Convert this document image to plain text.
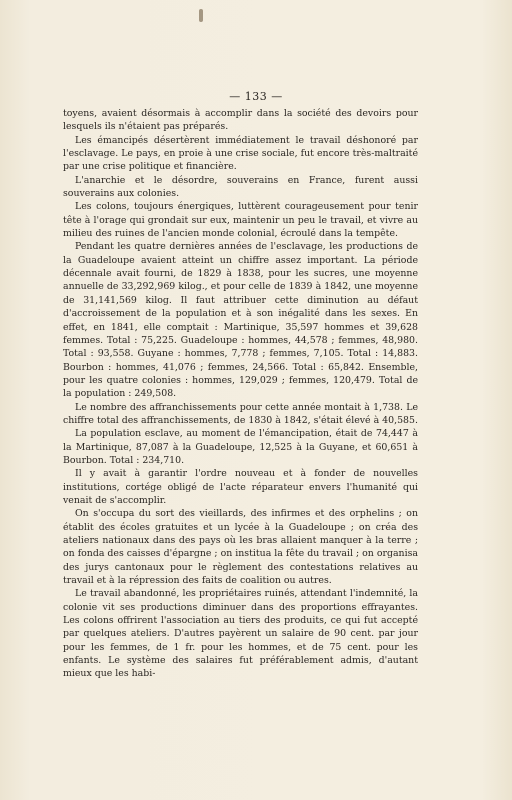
— 133 —

toyens, avaient désormais à accomplir dans la société des devoirs pour lesquels ils n'étaient pas préparés.

Les émancipés désertèrent immédiatement le travail déshonoré par l'esclavage. Le pays, en proie à une crise sociale, fut encore très-maltraité par une crise politique et financière.

L'anarchie et le désordre, souverains en France, furent aussi souverains aux colonies.

Les colons, toujours énergiques, luttèrent courageusement pour tenir tête à l'orage qui grondait sur eux, maintenir un peu le travail, et vivre au milieu des ruines de l'ancien monde colonial, écroulé dans la tempête.

Pendant les quatre dernières années de l'esclavage, les productions de la Guadeloupe avaient atteint un chiffre assez important. La période décennale avait fourni, de 1829 à 1838, pour les sucres, une moyenne annuelle de 33,292,969 kilog., et pour celle de 1839 à 1842, une moyenne de 31,141,569 kilog. Il faut attribuer cette diminution au défaut d'accroissement de la population et à son inégalité dans les sexes. En effet, en 1841, elle comptait : Martinique, 35,597 hommes et 39,628 femmes. Total : 75,225. Guadeloupe : hommes, 44,578 ; femmes, 48,980. Total : 93,558. Guyane : hommes, 7,778 ; femmes, 7,105. Total : 14,883. Bourbon : hommes, 41,076 ; femmes, 24,566. Total : 65,842. Ensemble, pour les quatre colonies : hommes, 129,029 ; femmes, 120,479. Total de la population : 249,508.

Le nombre des affranchissements pour cette année montait à 1,738. Le chiffre total des affranchissements, de 1830 à 1842, s'était élevé à 40,585.

La population esclave, au moment de l'émancipation, était de 74,447 à la Martinique, 87,087 à la Guadeloupe, 12,525 à la Guyane, et 60,651 à Bourbon. Total : 234,710.

Il y avait à garantir l'ordre nouveau et à fonder de nouvelles institutions, cortége obligé de l'acte réparateur envers l'humanité qui venait de s'accomplir.

On s'occupa du sort des vieillards, des infirmes et des orphelins ; on établit des écoles gratuites et un lycée à la Guadeloupe ; on créa des ateliers nationaux dans des pays où les bras allaient manquer à la terre ; on fonda des caisses d'épargne ; on institua la fête du travail ; on organisa des jurys cantonaux pour le règlement des contestations relatives au travail et à la répression des faits de coalition ou autres.

Le travail abandonné, les propriétaires ruinés, attendant l'indemnité, la colonie vit ses productions diminuer dans des proportions effrayantes. Les colons offrirent l'association au tiers des produits, ce qui fut accepté par quelques ateliers. D'autres payèrent un salaire de 90 cent. par jour pour les femmes, de 1 fr. pour les hommes, et de 75 cent. pour les enfants. Le système des salaires fut préférablement admis, d'autant mieux que les habi-
